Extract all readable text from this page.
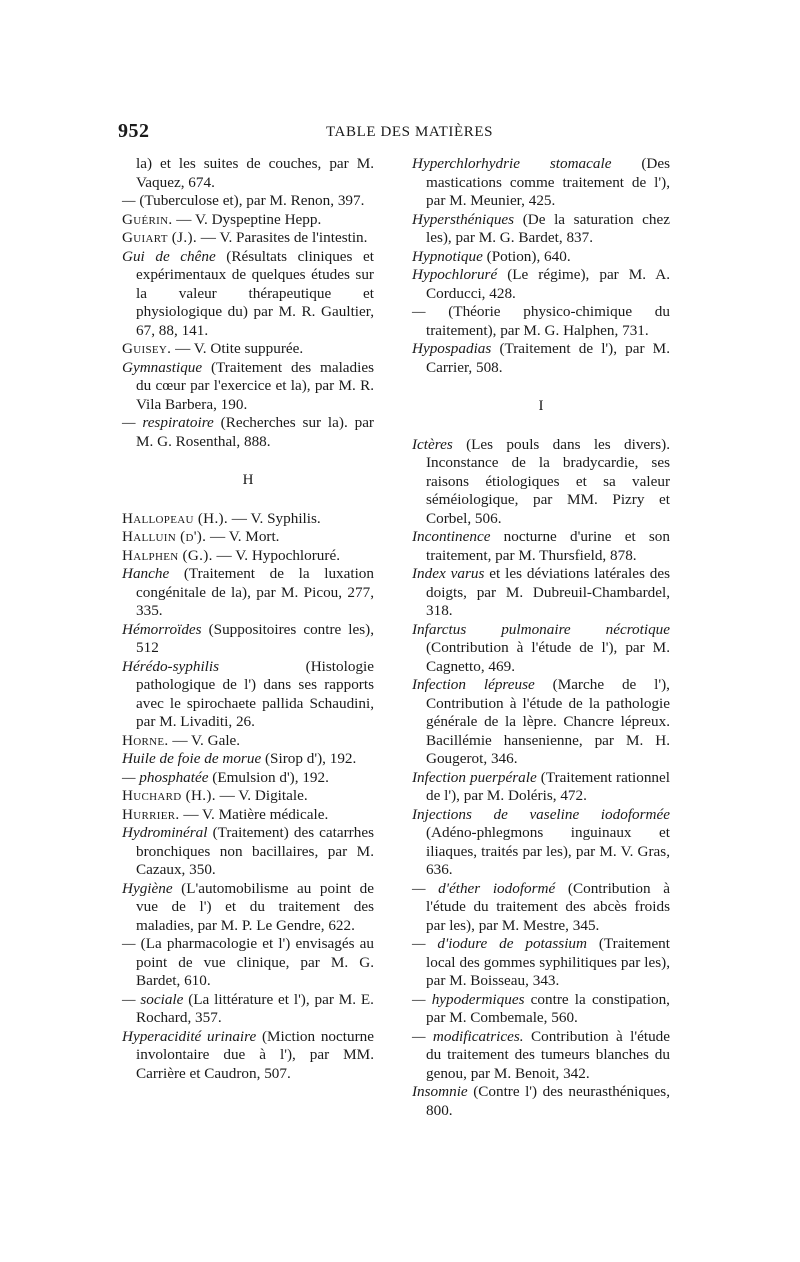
952	TABLE DES MATIÈRES

la) et les suites de couches, par M. Vaquez, 674.

— (Tuberculose et), par M. Renon, 397.

Guérin. — V. Dyspeptine Hepp.

Guiart (J.). — V. Parasites de l'intestin.

Gui de chêne (Résultats cliniques et expérimentaux de quelques études sur la valeur thérapeutique et physiologique du) par M. R. Gaultier, 67, 88, 141.

Guisey. — V. Otite suppurée.

Gymnastique (Traitement des maladies du cœur par l'exercice et la), par M. R. Vila Barbera, 190.

— respiratoire (Recherches sur la). par M. G. Rosenthal, 888.

H

Hallopeau (H.). — V. Syphilis.

Halluin (d'). — V. Mort.

Halphen (G.). — V. Hypochloruré.

Hanche (Traitement de la luxation congénitale de la), par M. Picou, 277, 335.

Hémorroïdes (Suppositoires contre les), 512

Hérédo-syphilis (Histologie pathologique de l') dans ses rapports avec le spirochaete pallida Schaudini, par M. Livaditi, 26.

Horne. — V. Gale.

Huile de foie de morue (Sirop d'), 192.

— phosphatée (Emulsion d'), 192.

Huchard (H.). — V. Digitale.

Hurrier. — V. Matière médicale.

Hydrominéral (Traitement) des catarrhes bronchiques non bacillaires, par M. Cazaux, 350.

Hygiène (L'automobilisme au point de vue de l') et du traitement des maladies, par M. P. Le Gendre, 622.

— (La pharmacologie et l') envisagés au point de vue clinique, par M. G. Bardet, 610.

— sociale (La littérature et l'), par M. E. Rochard, 357.

Hyperacidité urinaire (Miction nocturne involontaire due à l'), par MM. Carrière et Caudron, 507.

Hyperchlorhydrie stomacale (Des mastications comme traitement de l'), par M. Meunier, 425.

Hypersthéniques (De la saturation chez les), par M. G. Bardet, 837.

Hypnotique (Potion), 640.

Hypochloruré (Le régime), par M. A. Corducci, 428.

— (Théorie physico-chimique du traitement), par M. G. Halphen, 731.

Hypospadias (Traitement de l'), par M. Carrier, 508.

I

Ictères (Les pouls dans les divers). Inconstance de la bradycardie, ses raisons étiologiques et sa valeur séméiologique, par MM. Pizry et Corbel, 506.

Incontinence nocturne d'urine et son traitement, par M. Thursfield, 878.

Index varus et les déviations latérales des doigts, par M. Dubreuil-Chambardel, 318.

Infarctus pulmonaire nécrotique (Contribution à l'étude de l'), par M. Cagnetto, 469.

Infection lépreuse (Marche de l'), Contribution à l'étude de la pathologie générale de la lèpre. Chancre lépreux. Bacillémie hansenienne, par M. H. Gougerot, 346.

Infection puerpérale (Traitement rationnel de l'), par M. Doléris, 472.

Injections de vaseline iodoformée (Adéno-phlegmons inguinaux et iliaques, traités par les), par M. V. Gras, 636.

— d'éther iodoformé (Contribution à l'étude du traitement des abcès froids par les), par M. Mestre, 345.

— d'iodure de potassium (Traitement local des gommes syphilitiques par les), par M. Boisseau, 343.

— hypodermiques contre la constipation, par M. Combemale, 560.

— modificatrices. Contribution à l'étude du traitement des tumeurs blanches du genou, par M. Benoit, 342.

Insomnie (Contre l') des neurasthéniques, 800.
